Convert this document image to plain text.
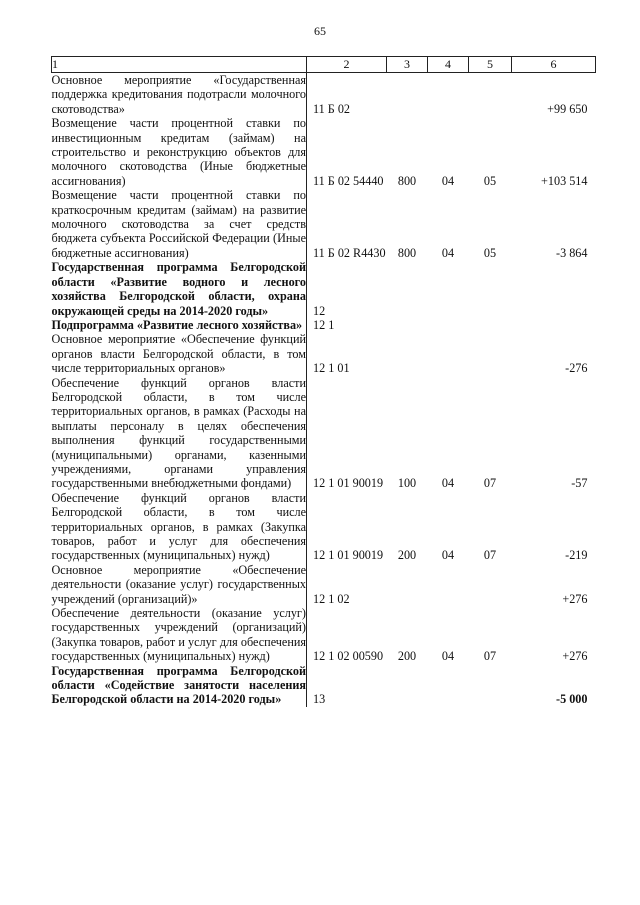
65
1	2	3	4	5	6
Основное мероприятие «Государственная поддержка кредитования подотрасли молочного скотоводства»	11 Б 02				+99 650
Возмещение части процентной ставки по инвестиционным кредитам (займам) на строительство и реконструкцию объектов для молочного скотоводства (Иные бюджетные ассигнования)	11 Б 02 54440	800	04	05	+103 514
Возмещение части процентной ставки по краткосрочным кредитам (займам) на развитие молочного скотоводства за счет средств бюджета субъекта Российской Федерации (Иные бюджетные ассигнования)	11 Б 02 R4430	800	04	05	-3 864
Государственная программа Белгородской области «Развитие водного и лесного хозяйства Белгородской области, охрана окружающей среды на 2014-2020 годы»	12				
Подпрограмма «Развитие лесного хозяйства»	12 1				
Основное мероприятие «Обеспечение функций органов власти Белгородской области, в том числе территориальных органов»	12 1 01				-276
Обеспечение функций органов власти Белгородской области, в том числе территориальных органов, в рамках (Расходы на выплаты персоналу в целях обеспечения выполнения функций государственными (муниципальными) органами, казенными учреждениями, органами управления государственными внебюджетными фондами)	12 1 01 90019	100	04	07	-57
Обеспечение функций органов власти Белгородской области, в том числе территориальных органов, в рамках (Закупка товаров, работ и услуг для обеспечения государственных (муниципальных) нужд)	12 1 01 90019	200	04	07	-219
Основное мероприятие «Обеспечение деятельности (оказание услуг) государственных учреждений (организаций)»	12 1 02				+276
Обеспечение деятельности (оказание услуг) государственных учреждений (организаций) (Закупка товаров, работ и услуг для обеспечения государственных (муниципальных) нужд)	12 1 02 00590	200	04	07	+276
Государственная программа Белгородской области «Содействие занятости населения Белгородской области на 2014-2020 годы»	13				-5 000
